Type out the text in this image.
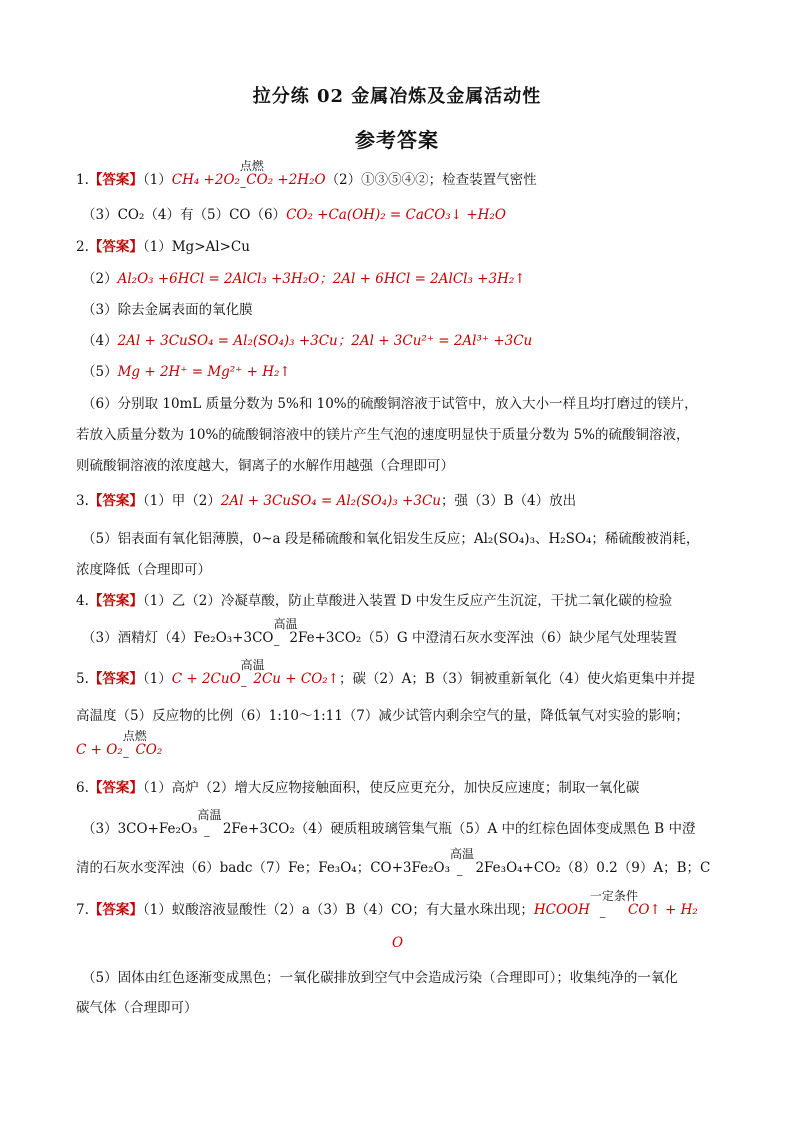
拉分练 02 金属冶炼及金属活动性
参考答案
1.【答案】（1）CH₄ +2O₂
点燃
$_‒$CO₂ +2H₂O（2）①③⑤④②；检查装置气密性
（3）CO₂（4）有（5）CO（6）CO₂ +Ca(OH)₂ = CaCO₃↓ +H₂O
2.【答案】（1）Mg>Al>Cu
（2）Al₂O₃ +6HCl = 2AlCl₃ +3H₂O；2Al + 6HCl = 2AlCl₃ +3H₂↑
（3）除去金属表面的氧化膜
（4）2Al + 3CuSO₄ = Al₂(SO₄)₃ +3Cu；2Al + 3Cu²⁺ = 2Al³⁺ +3Cu
（5）Mg + 2H⁺ = Mg²⁺ + H₂↑
（6）分别取 10mL 质量分数为 5%和 10%的硫酸铜溶液于试管中，放入大小一样且均打磨过的镁片，
若放入质量分数为 10%的硫酸铜溶液中的镁片产生气泡的速度明显快于质量分数为 5%的硫酸铜溶液，
则硫酸铜溶液的浓度越大，铜离子的水解作用越强（合理即可）
3.【答案】（1）甲（2）2Al + 3CuSO₄ = Al₂(SO₄)₃ +3Cu；强（3）B（4）放出
（5）铝表面有氧化铝薄膜，0~a 段是稀硫酸和氧化铝发生反应；Al₂(SO₄)₃、H₂SO₄；稀硫酸被消耗，
浓度降低（合理即可）
4.【答案】（1）乙（2）冷凝草酸，防止草酸进入装置 D 中发生反应产生沉淀，干扰二氧化碳的检验
（3）酒精灯（4）Fe₂O₃+3CO
高温
$_‒$   2Fe+3CO₂（5）G 中澄清石灰水变浑浊（6）缺少尾气处理装置
5.【答案】（1）C + 2CuO
高温
$_‒$  2Cu + CO₂↑；碳（2）A；B（3）铜被重新氧化（4）使火焰更集中并提
高温度（5）反应物的比例（6）1:10～1:11（7）减少试管内剩余空气的量，降低氧气对实验的影响；
C + O₂
点燃
$_‒$  CO₂
6.【答案】（1）高炉（2）增大反应物接触面积，使反应更充分，加快反应速度；制取一氧化碳
（3）3CO+Fe₂O₃
高温
$_‒$    2Fe+3CO₂（4）硬质粗玻璃管集气瓶（5）A 中的红棕色固体变成黑色 B 中澄
清的石灰水变浑浊（6）badc（7）Fe；Fe₃O₄；CO+3Fe₂O₃
高温
$_‒$    2Fe₃O₄+CO₂（8）0.2（9）A；B；C
7.【答案】（1）蚁酸溶液显酸性（2）a（3）B（4）CO；有大量水珠出现；HCOOH
一定条件
$_‒$       CO↑ + H₂
O
（5）固体由红色逐渐变成黑色；一氧化碳排放到空气中会造成污染（合理即可）；收集纯净的一氧化
碳气体（合理即可）
